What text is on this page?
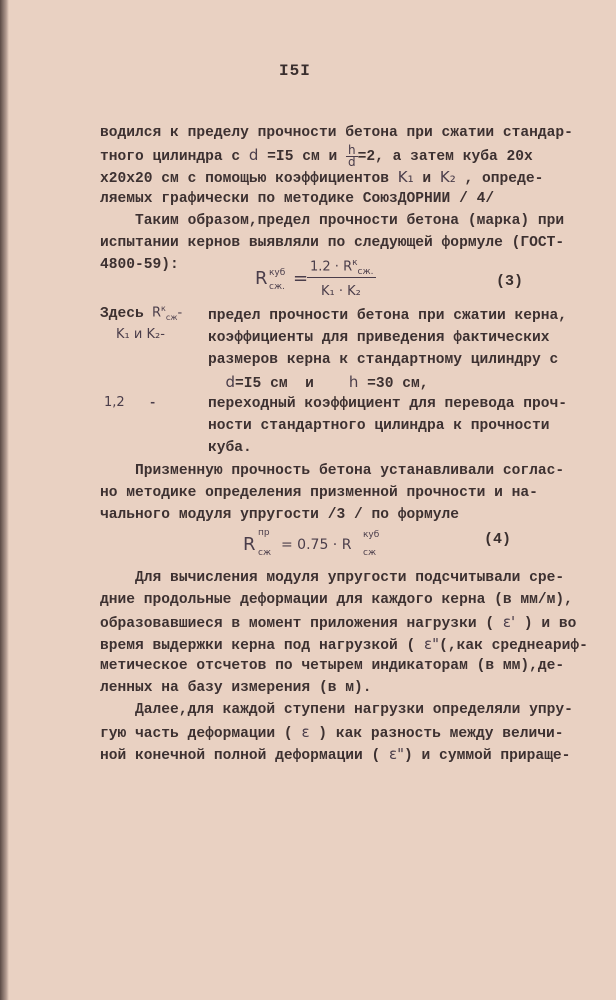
I5I
водился к пределу прочности бетона при сжатии стандар-
тного цилиндра с d =I5 см и $\frac{h}{d} =2$, а затем куба 20х
х20х20 см с помощью коэффициентов K₁ и K₂ , опреде-
ляемых графически по методике СоюзДОРНИИ / 4/
Таким образом,предел прочности бетона (марка) при
испытании кернов выявляли по следующей формуле (ГОСТ-
4800-59):
R куб
сж. =
$1.2 \cdot R^к_{сж.}$
K₁ · K₂
(3)
Здесь $R^к_{сж}-$
K₁ и K₂-
1,2 -
предел прочности бетона при сжатии керна,
коэффициенты для приведения фактических
размеров керна к стандартному цилиндру с
d=I5 см  и    h =30 см,
переходный коэффициент для перевода проч-
ности стандартного цилиндра к прочности
куба.
Призменную прочность бетона устанавливали соглас-
но методике определения призменной прочности и на-
чального модуля упругости /3 / по формуле
R
пр
сж = 0.75 · R
куб
сж
(4)
Для вычисления модуля упругости подсчитывали сре-
дние продольные деформации для каждого керна (в мм/м),
образовавшиеся в момент приложения нагрузки ( ε' ) и во
время выдержки керна под нагрузкой ( ε"(,как среднеариф-
метическое отсчетов по четырем индикаторам (в мм),де-
ленных на базу измерения (в м).
Далее,для каждой ступени нагрузки определяли упру-
гую часть деформации ( ε ) как разность между величи-
ной конечной полной деформации ( ε") и суммой приращe-
